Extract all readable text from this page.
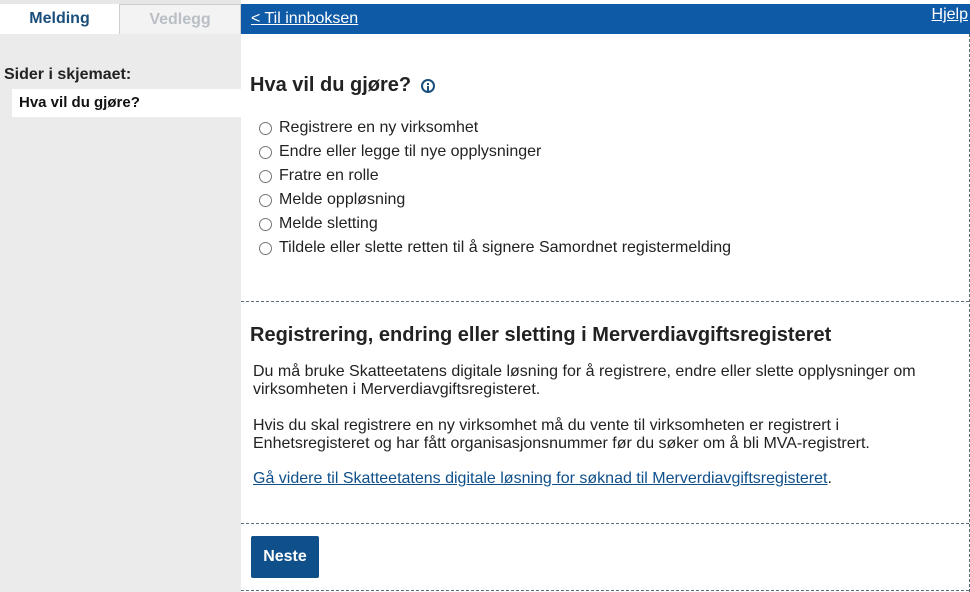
Melding	Vedlegg	< Til innboksen	Hjelp
Sider i skjemaet:
Hva vil du gjøre?
Hva vil du gjøre?
Registrere en ny virksomhet
Endre eller legge til nye opplysninger
Fratre en rolle
Melde oppløsning
Melde sletting
Tildele eller slette retten til å signere Samordnet registermelding
Registrering, endring eller sletting i Merverdiavgiftsregisteret

Du må bruke Skatteetatens digitale løsning for å registrere, endre eller slette opplysninger om virksomheten i Merverdiavgiftsregisteret.

Hvis du skal registrere en ny virksomhet må du vente til virksomheten er registrert i Enhetsregisteret og har fått organisasjonsnummer før du søker om å bli MVA-registrert.

Gå videre til Skatteetatens digitale løsning for søknad til Merverdiavgiftsregisteret.

Neste
